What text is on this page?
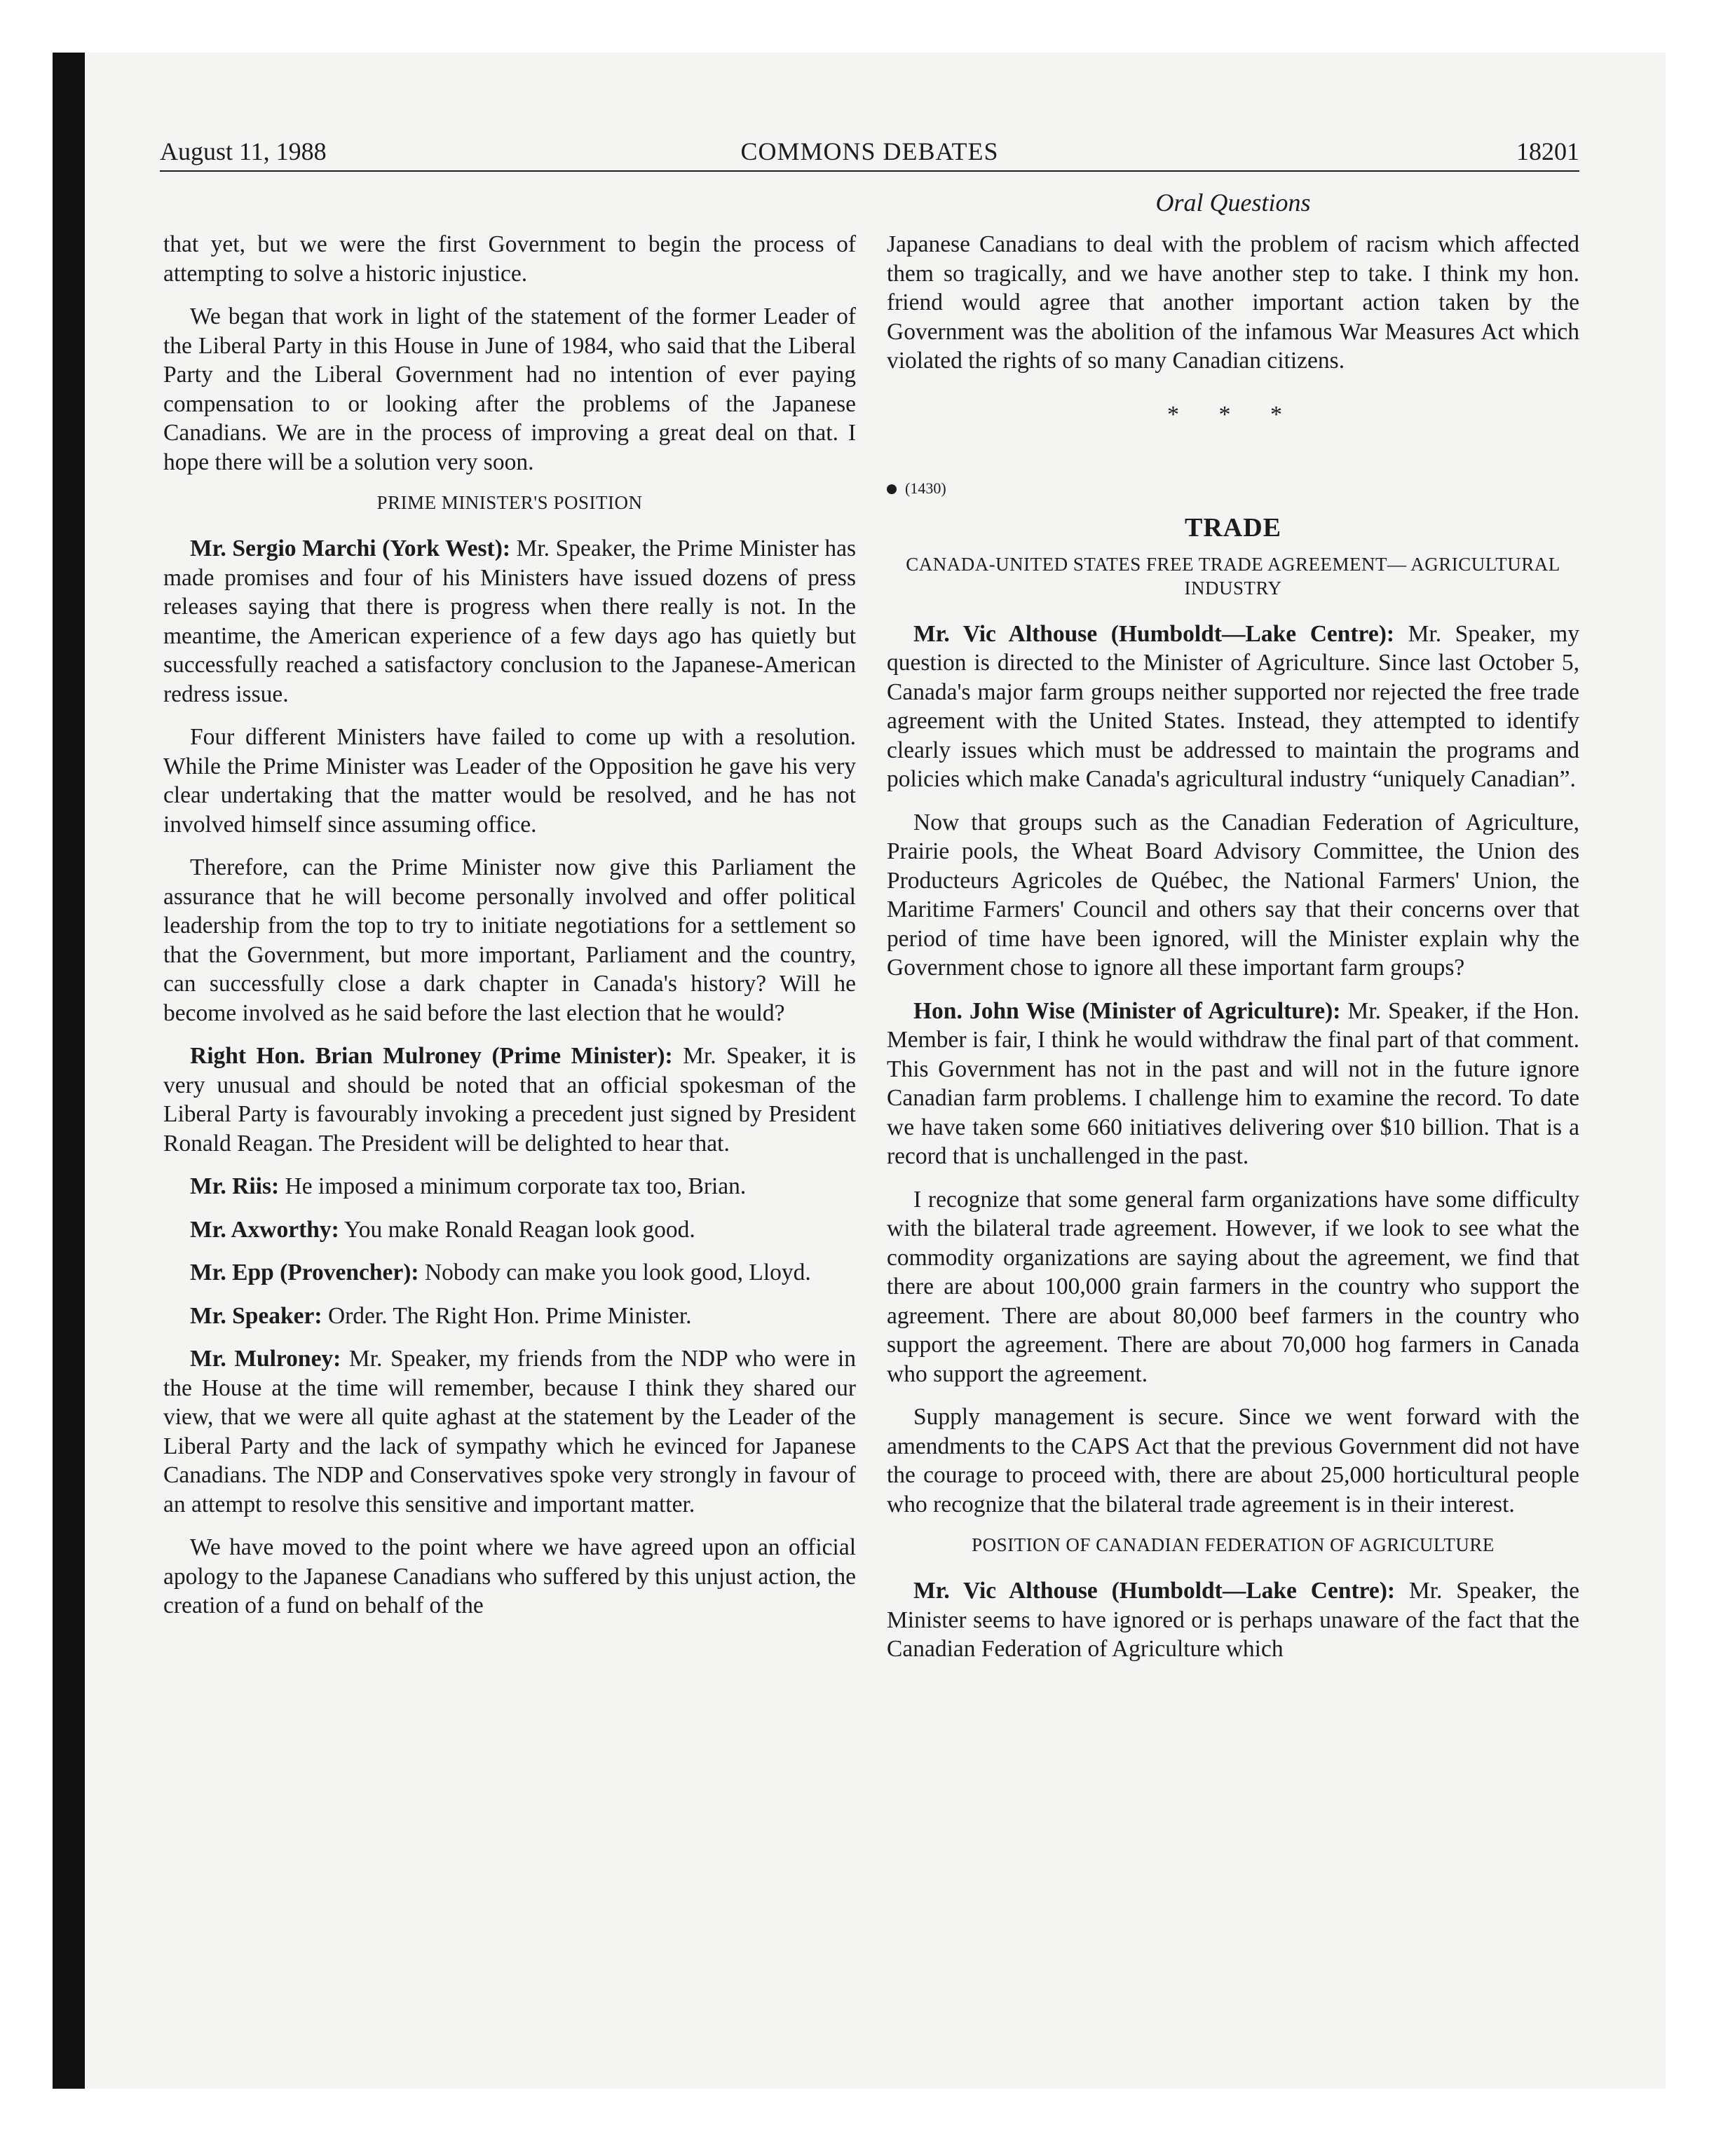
August 11, 1988	COMMONS DEBATES	18201
Oral Questions

that yet, but we were the first Government to begin the process of attempting to solve a historic injustice.

We began that work in light of the statement of the former Leader of the Liberal Party in this House in June of 1984, who said that the Liberal Party and the Liberal Government had no intention of ever paying compensation to or looking after the problems of the Japanese Canadians. We are in the process of improving a great deal on that. I hope there will be a solution very soon.

PRIME MINISTER'S POSITION

Mr. Sergio Marchi (York West): Mr. Speaker, the Prime Minister has made promises and four of his Ministers have issued dozens of press releases saying that there is progress when there really is not. In the meantime, the American experience of a few days ago has quietly but successfully reached a satisfactory conclusion to the Japanese-American redress issue.

Four different Ministers have failed to come up with a resolution. While the Prime Minister was Leader of the Opposition he gave his very clear undertaking that the matter would be resolved, and he has not involved himself since assuming office.

Therefore, can the Prime Minister now give this Parliament the assurance that he will become personally involved and offer political leadership from the top to try to initiate negotiations for a settlement so that the Government, but more important, Parliament and the country, can successfully close a dark chapter in Canada's history? Will he become involved as he said before the last election that he would?

Right Hon. Brian Mulroney (Prime Minister): Mr. Speaker, it is very unusual and should be noted that an official spokesman of the Liberal Party is favourably invoking a precedent just signed by President Ronald Reagan. The President will be delighted to hear that.

Mr. Riis: He imposed a minimum corporate tax too, Brian.

Mr. Axworthy: You make Ronald Reagan look good.

Mr. Epp (Provencher): Nobody can make you look good, Lloyd.

Mr. Speaker: Order. The Right Hon. Prime Minister.

Mr. Mulroney: Mr. Speaker, my friends from the NDP who were in the House at the time will remember, because I think they shared our view, that we were all quite aghast at the statement by the Leader of the Liberal Party and the lack of sympathy which he evinced for Japanese Canadians. The NDP and Conservatives spoke very strongly in favour of an attempt to resolve this sensitive and important matter.

We have moved to the point where we have agreed upon an official apology to the Japanese Canadians who suffered by this unjust action, the creation of a fund on behalf of the

Japanese Canadians to deal with the problem of racism which affected them so tragically, and we have another step to take. I think my hon. friend would agree that another important action taken by the Government was the abolition of the infamous War Measures Act which violated the rights of so many Canadian citizens.

* * *
(1430)
TRADE
CANADA-UNITED STATES FREE TRADE AGREEMENT— AGRICULTURAL INDUSTRY

Mr. Vic Althouse (Humboldt—Lake Centre): Mr. Speaker, my question is directed to the Minister of Agriculture. Since last October 5, Canada's major farm groups neither supported nor rejected the free trade agreement with the United States. Instead, they attempted to identify clearly issues which must be addressed to maintain the programs and policies which make Canada's agricultural industry “uniquely Canadian”.

Now that groups such as the Canadian Federation of Agriculture, Prairie pools, the Wheat Board Advisory Committee, the Union des Producteurs Agricoles de Québec, the National Farmers' Union, the Maritime Farmers' Council and others say that their concerns over that period of time have been ignored, will the Minister explain why the Government chose to ignore all these important farm groups?

Hon. John Wise (Minister of Agriculture): Mr. Speaker, if the Hon. Member is fair, I think he would withdraw the final part of that comment. This Government has not in the past and will not in the future ignore Canadian farm problems. I challenge him to examine the record. To date we have taken some 660 initiatives delivering over $10 billion. That is a record that is unchallenged in the past.

I recognize that some general farm organizations have some difficulty with the bilateral trade agreement. However, if we look to see what the commodity organizations are saying about the agreement, we find that there are about 100,000 grain farmers in the country who support the agreement. There are about 80,000 beef farmers in the country who support the agreement. There are about 70,000 hog farmers in Canada who support the agreement.

Supply management is secure. Since we went forward with the amendments to the CAPS Act that the previous Government did not have the courage to proceed with, there are about 25,000 horticultural people who recognize that the bilateral trade agreement is in their interest.

POSITION OF CANADIAN FEDERATION OF AGRICULTURE

Mr. Vic Althouse (Humboldt—Lake Centre): Mr. Speaker, the Minister seems to have ignored or is perhaps unaware of the fact that the Canadian Federation of Agriculture which
